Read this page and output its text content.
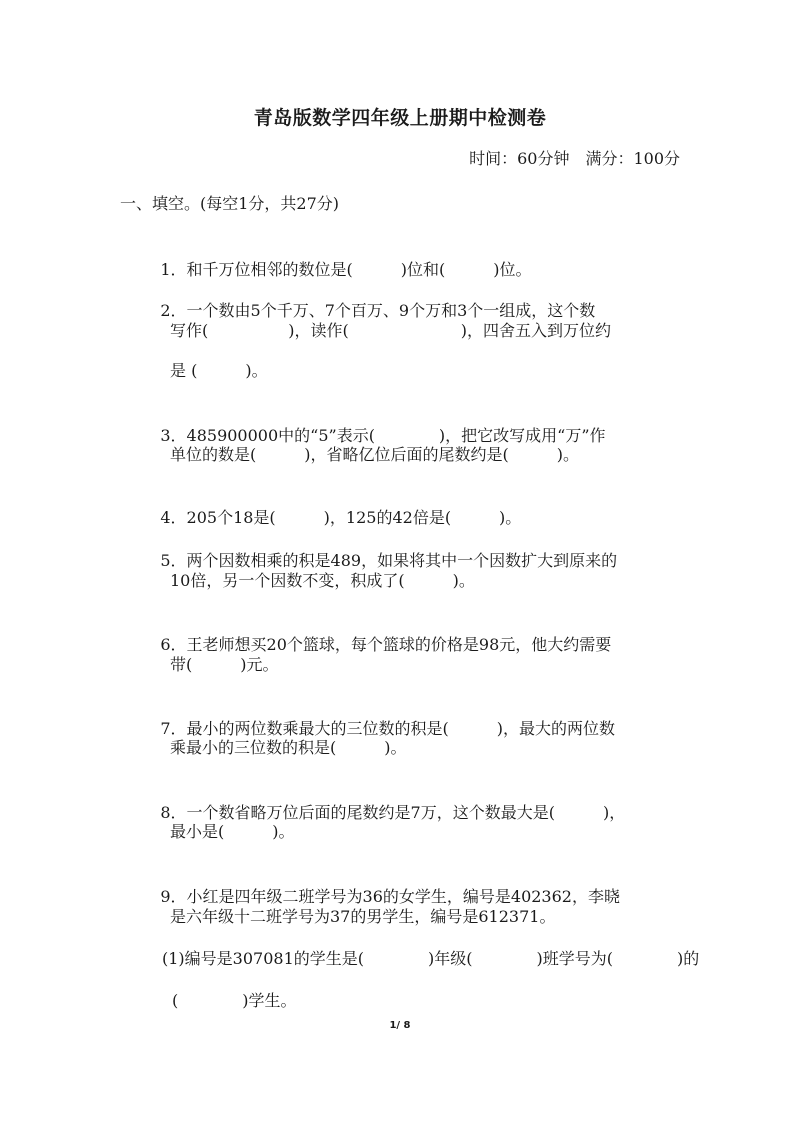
青岛版数学四年级上册期中检测卷
时间：60分钟　满分：100分
一、填空。(每空1分，共27分)

1．和千万位相邻的数位是(　　　)位和(　　　)位。

2．一个数由5个千万、7个百万、9个万和3个一组成，这个数

写作(　　　　　)，读作(　　　　　　　)，四舍五入到万位约
是 (　　　)。

3．485900000中的“5”表示(　　　　)，把它改写成用“万”作

单位的数是(　　　)，省略亿位后面的尾数约是(　　　)。

4．205个18是(　　　)，125的42倍是(　　　)。

5．两个因数相乘的积是489，如果将其中一个因数扩大到原来的

10倍，另一个因数不变，积成了(　　　)。

6．王老师想买20个篮球，每个篮球的价格是98元，他大约需要

带(　　　)元。

7．最小的两位数乘最大的三位数的积是(　　　)，最大的两位数

乘最小的三位数的积是(　　　)。

8．一个数省略万位后面的尾数约是7万，这个数最大是(　　　)，

最小是(　　　)。

9．小红是四年级二班学号为36的女学生，编号是402362，李晓

是六年级十二班学号为37的男学生，编号是612371。
(1)编号是307081的学生是(　　　　)年级(　　　　)班学号为(　　　　)的
(　　　　)学生。
1/ 8
